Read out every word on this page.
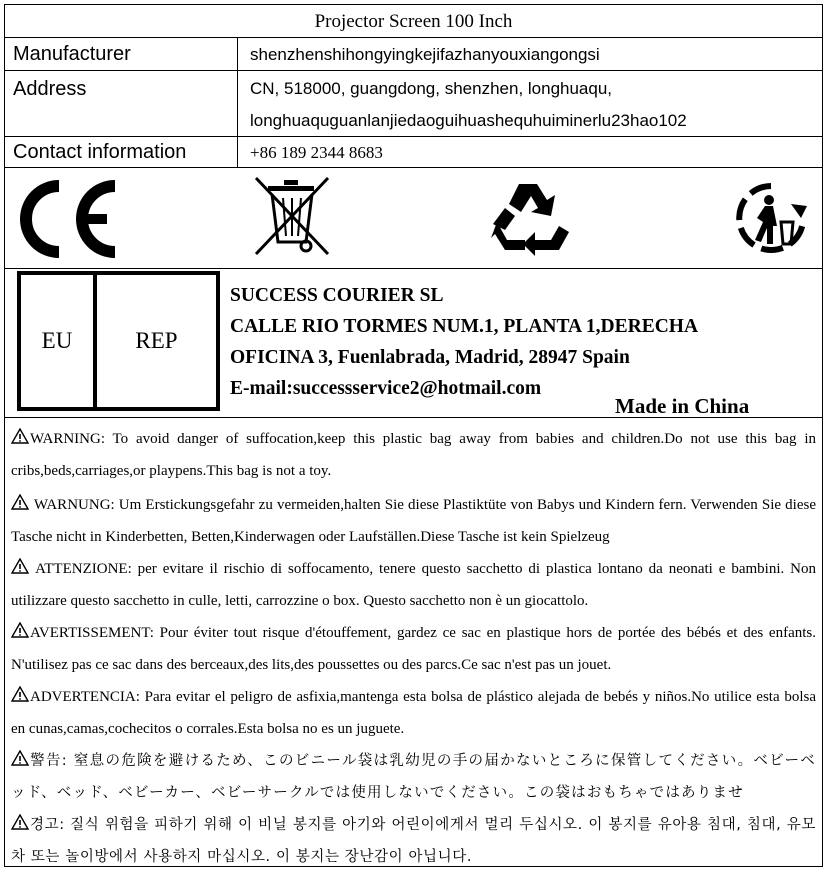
Projector Screen 100 Inch
Manufacturer	shenzhenshihongyingkejifazhanyouxiangongsi
Address	CN, 518000, guangdong, shenzhen, longhuaqu,
longhuaquguanlanjiedaoguihuashequhuiminerlu23hao102
Contact information	+86 189 2344 8683
EU	REP
SUCCESS COURIER SL
CALLE RIO TORMES NUM.1, PLANTA 1,DERECHA
OFICINA 3, Fuenlabrada, Madrid, 28947 Spain
E-mail:successservice2@hotmail.com
Made in China
WARNING: To avoid danger of suffocation,keep this plastic bag away from babies and children.Do not use this bag in cribs,beds,carriages,or playpens.This bag is not a toy.
WARNUNG: Um Erstickungsgefahr zu vermeiden,halten Sie diese Plastiktüte von Babys und Kindern fern. Verwenden Sie diese Tasche nicht in Kinderbetten, Betten,Kinderwagen oder Laufställen.Diese Tasche ist kein Spielzeug
ATTENZIONE: per evitare il rischio di soffocamento, tenere questo sacchetto di plastica lontano da neonati e bambini. Non utilizzare questo sacchetto in culle, letti, carrozzine o box. Questo sacchetto non è un giocattolo.
AVERTISSEMENT: Pour éviter tout risque d'étouffement, gardez ce sac en plastique hors de portée des bébés et des enfants. N'utilisez pas ce sac dans des berceaux,des lits,des poussettes ou des parcs.Ce sac n'est pas un jouet.
ADVERTENCIA: Para evitar el peligro de asfixia,mantenga esta bolsa de plástico alejada de bebés y niños.No utilice esta bolsa en cunas,camas,cochecitos o corrales.Esta bolsa no es un juguete.
警告: 窒息の危険を避けるため、このビニール袋は乳幼児の手の届かないところに保管してください。ベビーベッド、ベッド、ベビーカー、ベビーサークルでは使用しないでください。この袋はおもちゃではありませ
경고: 질식 위험을 피하기 위해 이 비닐 봉지를 아기와 어린이에게서 멀리 두십시오. 이 봉지를 유아용 침대, 침대, 유모차 또는 놀이방에서 사용하지 마십시오. 이 봉지는 장난감이 아닙니다.
